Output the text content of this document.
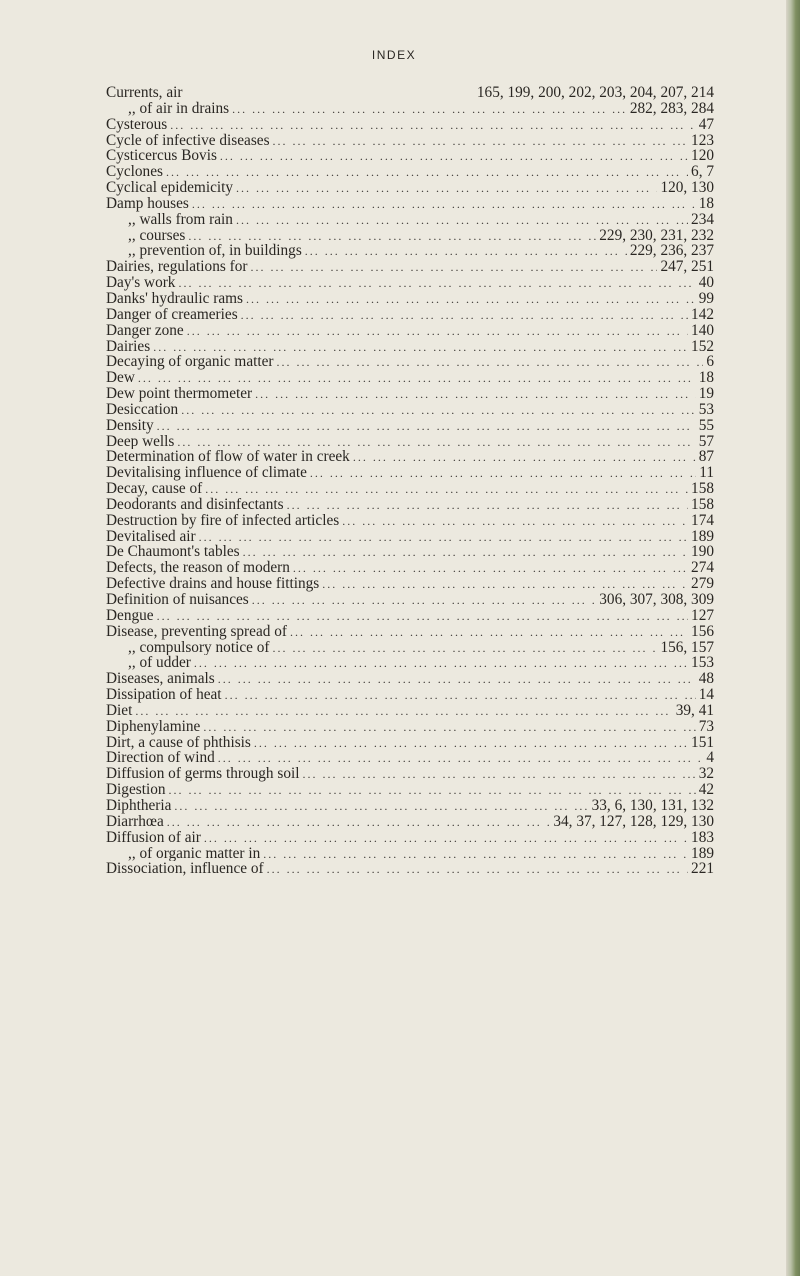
INDEX
Currents, air	165, 199, 200, 202, 203, 204, 207, 214
,, of air in drains ... .	282, 283, 284
Cysterous ... .	47
Cycle of infective diseases ... .	123
Cysticercus Bovis ... .	120
Cyclones ... .	6, 7
Cyclical epidemicity ... .	120, 130
Damp houses ... .	18
,, walls from rain ... .	234
,, courses ... .	229, 230, 231, 232
,, prevention of, in buildings ... .	229, 236, 237
Dairies, regulations for ... .	247, 251
Day's work ... .	40
Danks' hydraulic rams ... .	99
Danger of creameries ... .	142
Danger zone ... .	140
Dairies ... .	152
Decaying of organic matter ... .	6
Dew ... .	18
Dew point thermometer ... .	19
Desiccation ... .	53
Density ... .	55
Deep wells ... .	57
Determination of flow of water in creek ... .	87
Devitalising influence of climate ... .	11
Decay, cause of ... .	158
Deodorants and disinfectants ... .	158
Destruction by fire of infected articles ... .	174
Devitalised air ... .	189
De Chaumont's tables ... .	190
Defects, the reason of modern ... .	274
Defective drains and house fittings ... .	279
Definition of nuisances ... .	306, 307, 308, 309
Dengue ... .	127
Disease, preventing spread of ... .	156
,, compulsory notice of ... .	156, 157
,, of udder ... .	153
Diseases, animals ... .	48
Dissipation of heat ... .	14
Diet ... .	39, 41
Diphenylamine ... .	73
Dirt, a cause of phthisis ... .	151
Direction of wind ... .	4
Diffusion of germs through soil ... .	32
Digestion ... .	42
Diphtheria ... .	33, 6, 130, 131, 132
Diarrhœa ... .	34, 37, 127, 128, 129, 130
Diffusion of air ... .	183
,, of organic matter in ... .	189
Dissociation, influence of ... .	221
